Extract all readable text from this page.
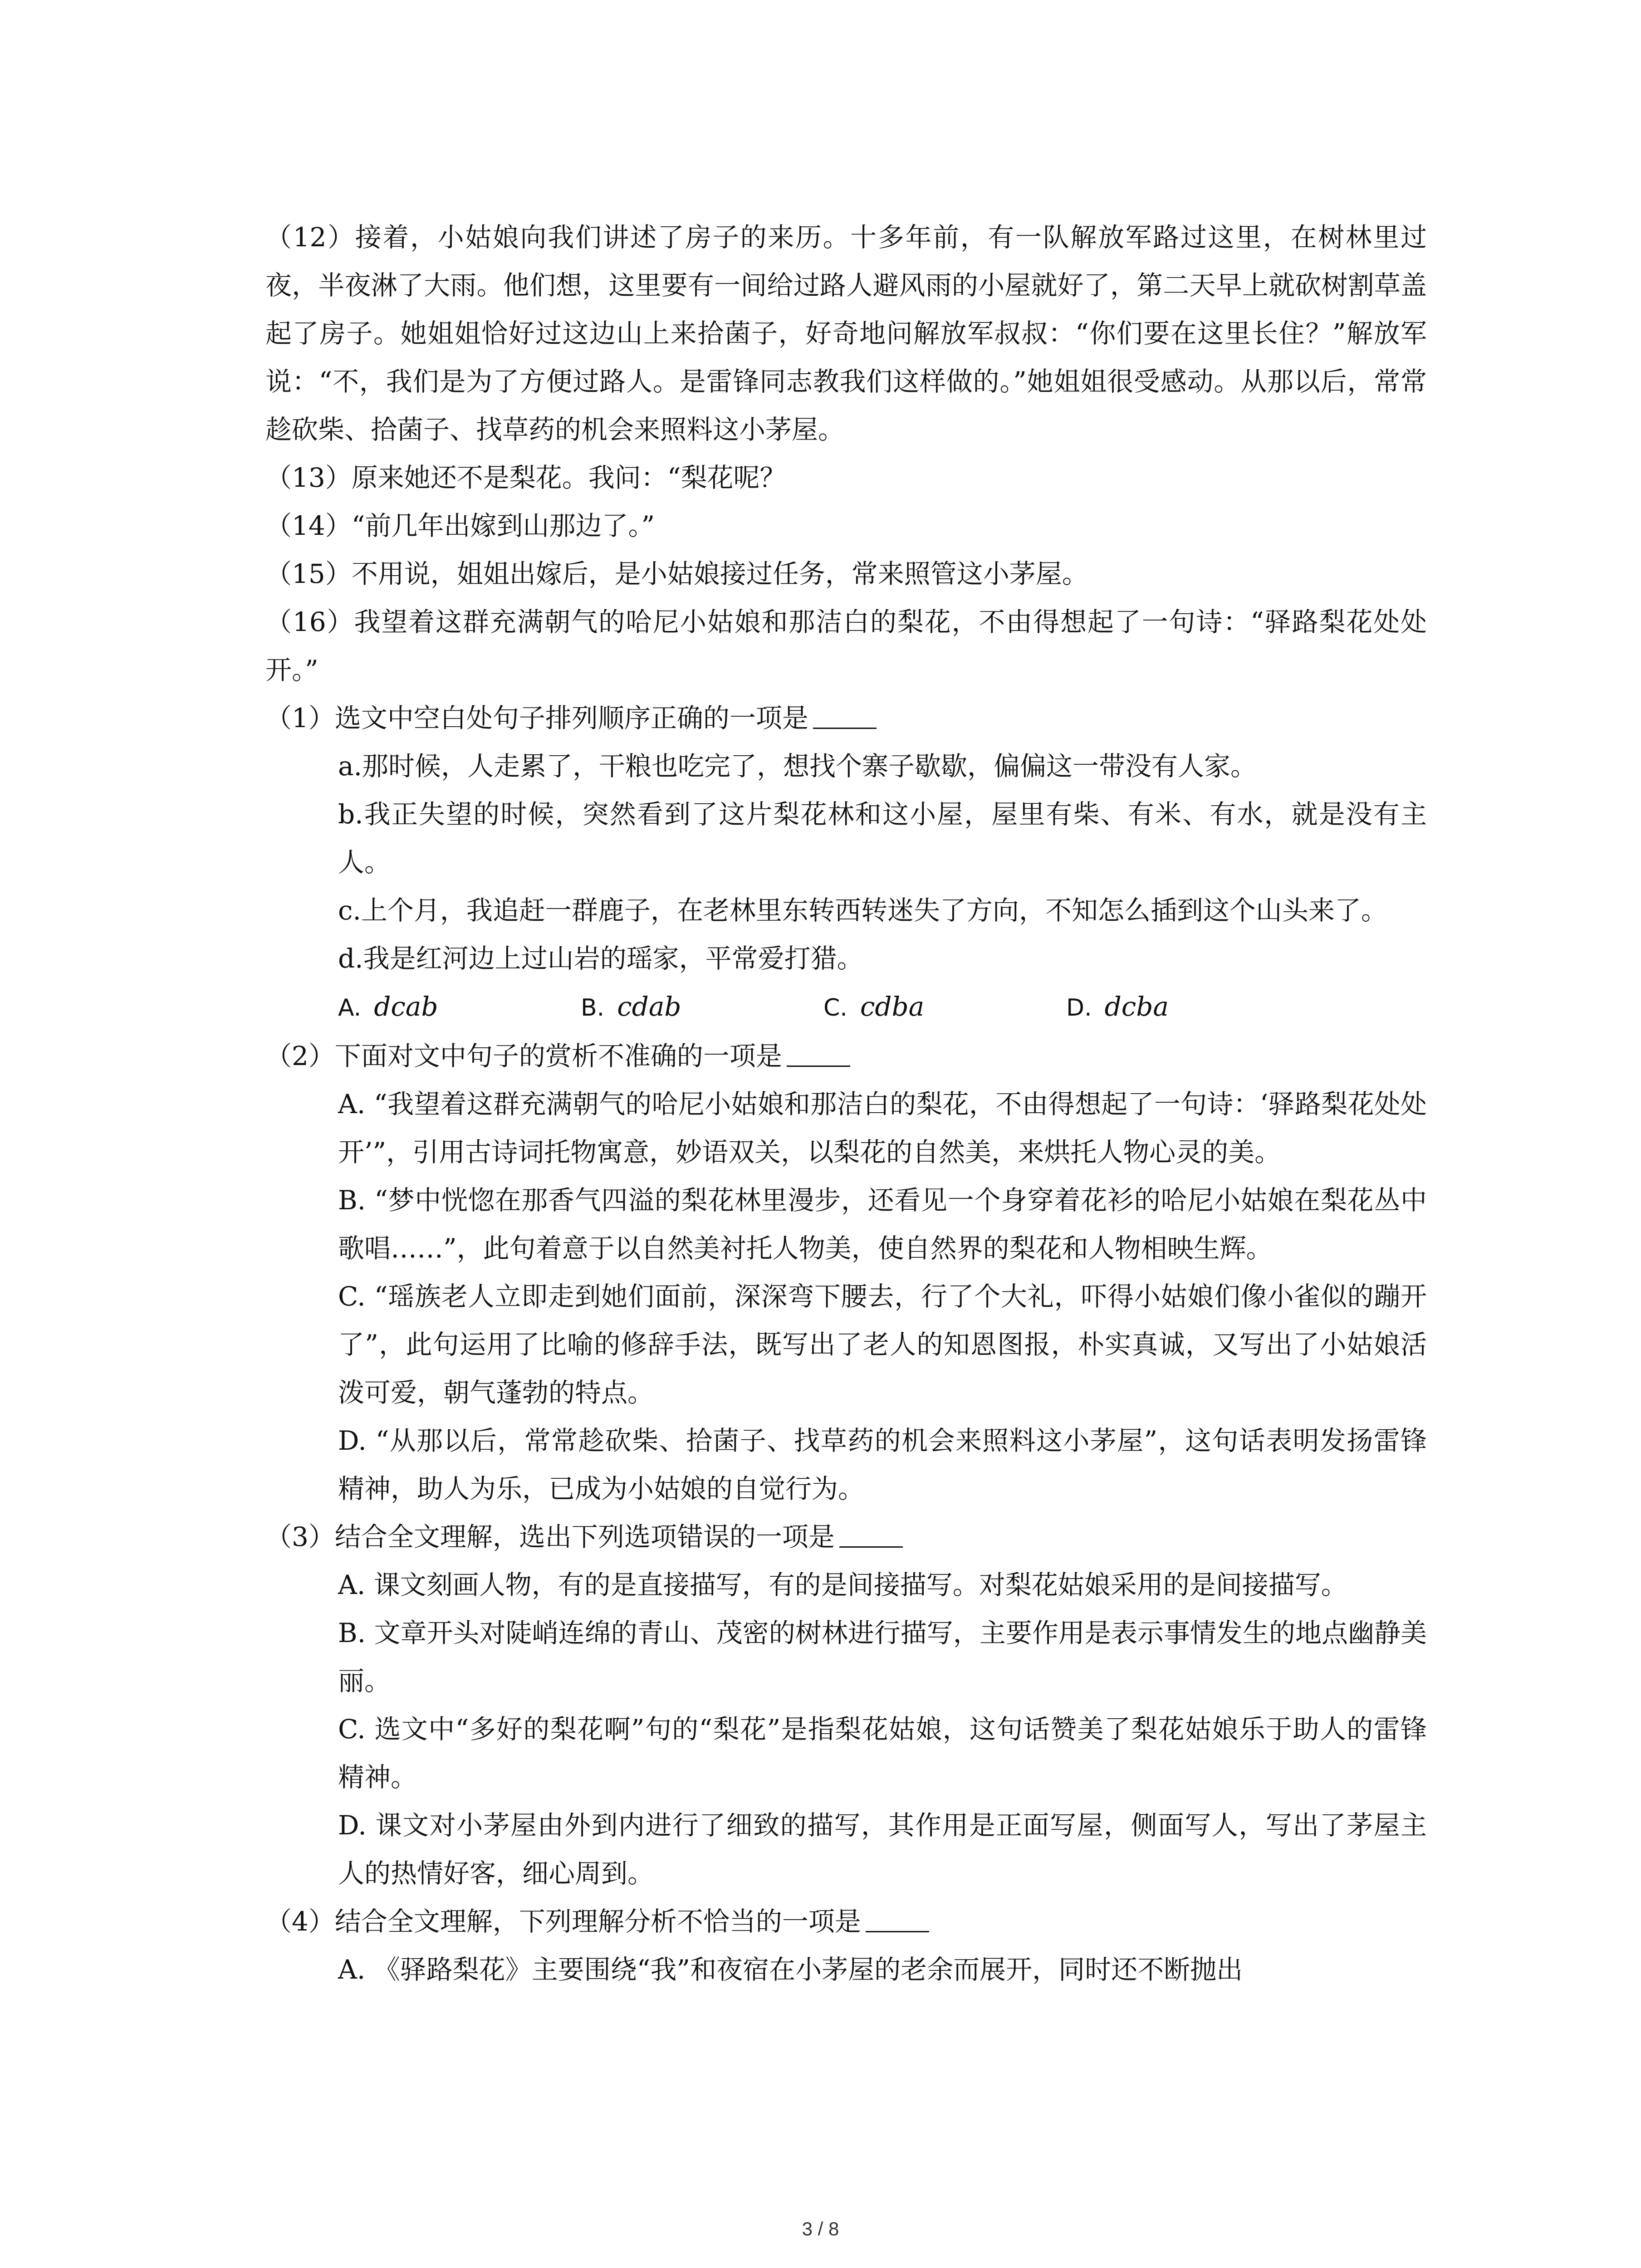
（12）接着，小姑娘向我们讲述了房子的来历。十多年前，有一队解放军路过这里，在树林里过夜，半夜淋了大雨。他们想，这里要有一间给过路人避风雨的小屋就好了，第二天早上就砍树割草盖起了房子。她姐姐恰好过这边山上来拾菌子，好奇地问解放军叔叔：“你们要在这里长住？”解放军说：“不，我们是为了方便过路人。是雷锋同志教我们这样做的。”她姐姐很受感动。从那以后，常常趁砍柴、拾菌子、找草药的机会来照料这小茅屋。

（13）原来她还不是梨花。我问：“梨花呢？

（14）“前几年出嫁到山那边了。”

（15）不用说，姐姐出嫁后，是小姑娘接过任务，常来照管这小茅屋。

（16）我望着这群充满朝气的哈尼小姑娘和那洁白的梨花，不由得想起了一句诗：“驿路梨花处处开。”

（1）选文中空白处句子排列顺序正确的一项是

a.那时候，人走累了，干粮也吃完了，想找个寨子歇歇，偏偏这一带没有人家。

b.我正失望的时候，突然看到了这片梨花林和这小屋，屋里有柴、有米、有水，就是没有主人。

c.上个月，我追赶一群鹿子，在老林里东转西转迷失了方向，不知怎么插到这个山头来了。

d.我是红河边上过山岩的瑶家，平常爱打猎。

A. dcab	B. cdab	C. cdba	D. dcba

（2）下面对文中句子的赏析不准确的一项是

A. “我望着这群充满朝气的哈尼小姑娘和那洁白的梨花，不由得想起了一句诗：‘驿路梨花处处开’”，引用古诗词托物寓意，妙语双关，以梨花的自然美，来烘托人物心灵的美。

B. “梦中恍惚在那香气四溢的梨花林里漫步，还看见一个身穿着花衫的哈尼小姑娘在梨花丛中歌唱……”，此句着意于以自然美衬托人物美，使自然界的梨花和人物相映生辉。

C. “瑶族老人立即走到她们面前，深深弯下腰去，行了个大礼，吓得小姑娘们像小雀似的蹦开了”，此句运用了比喻的修辞手法，既写出了老人的知恩图报，朴实真诚，又写出了小姑娘活泼可爱，朝气蓬勃的特点。

D. “从那以后，常常趁砍柴、拾菌子、找草药的机会来照料这小茅屋”，这句话表明发扬雷锋精神，助人为乐，已成为小姑娘的自觉行为。

（3）结合全文理解，选出下列选项错误的一项是

A. 课文刻画人物，有的是直接描写，有的是间接描写。对梨花姑娘采用的是间接描写。

B. 文章开头对陡峭连绵的青山、茂密的树林进行描写，主要作用是表示事情发生的地点幽静美丽。

C. 选文中“多好的梨花啊”句的“梨花”是指梨花姑娘，这句话赞美了梨花姑娘乐于助人的雷锋精神。

D. 课文对小茅屋由外到内进行了细致的描写，其作用是正面写屋，侧面写人，写出了茅屋主人的热情好客，细心周到。

（4）结合全文理解，下列理解分析不恰当的一项是

A. 《驿路梨花》主要围绕“我”和夜宿在小茅屋的老余而展开，同时还不断抛出

3 / 8
